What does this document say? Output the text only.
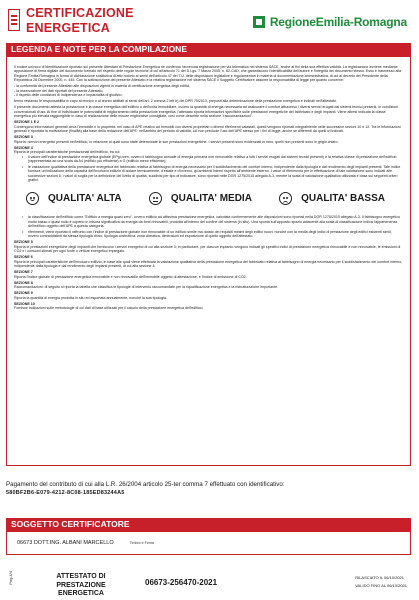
CERTIFICAZIONE
ENERGETICA	RegioneEmilia-Romagna
LEGENDA E NOTE PER LA COMPILAZIONE
Il codice univoco di identificazione riportato sul presente Attestato di Prestazione Energetica ne conferma l'avvenuta registrazione per via telematica nel sistema SACE, anche ai fini della sua effettiva validità. La registrazione avviene mediante apposizione di firma digitale del documento formato nel rispetto delle regole tecniche di cui all'articolo 71 del D.Lgs. 7 Marzo 2005, n. 82-CAD, che garantiscono l'identificabilità dell'autore e l'integrità del documento stesso. Esso è trasmesso alla Regione Emilia-Romagna in forma di dichiarazione sostitutiva di atto notorio ai sensi dell'articolo 47 del T.U. delle disposizioni legislative e regolamentari in materia di documentazione amministrativa, di cui al decreto del Presidente della Repubblica 28 Dicembre 2000, n. 445. Con la sottoscrizione del presente Attestato e la relativa registrazione nel sistema SACE il Soggetto Certificatore assume la responsabilità di legge per quanto concerne:
- la conformità del presente Attestato alle disposizioni vigenti in materia di certificazione energetica degli edifici,
- la osservazione dei dati riportati del presente Attestato,
- il rispetto delle condizioni di indipendenza e imparzialità di giudizio,
fermo restando le responsabilità in capo al tecnico o ai tecnici abilitati ai sensi dell'art. 2 comma 2 lett b) del DPR 75/2013, preposti alla determinazione della prestazione energetica e indicati nell'attestato.
Il presente documento attesta la prestazione e la classe energetica dell'edificio o dell'unità immobiliare, ovvero la quantità di energia necessaria ad assicurare il comfort attraverso i diversi servizi erogati dai sistemi tecnici presenti, in condizioni convenzionali d'uso. Al fine di individuare le potenzialità di miglioramento della prestazione energetica, l'attestato riporta informazioni specifiche sulle prestazioni energetiche del fabbricato e degli impianti. Viene altresì indicata la classe energetica più elevata raggiungibile in caso di realizzazione delle misure migliorative consigliate, così come descritte nella sezione "raccomandazioni".
SEZIONE 1 E 2
Contengono informazioni generali circa l'immobile e lo proprietà: nel caso di APE relativo ad immobili con diversi proprietari o diversi riferimenti catastali, questi vengono riportati integralmente nelle successive sezioni 10 e 12. Tra le informazioni generali è riportata la motivazione (finalità) alla base della redazione dell'APE: nell'ambito del periodo di validità, ciò non preclude l'uso dell'APE stesso per i fini di legge, anche se differenti da quelli ivi indicati.
SEZIONE 3
Riporta i servizi energetici presenti nell'edificio, in relazione ai quali sono state determinate le sue prestazioni energetiche. I servizi presenti sono evidenziati in nero, quelli non presenti sono in grigio chiaro.
SEZIONE 4
Riporta le principali caratteristiche prestazionali dell'edificio, tra cui:
• il valore dell'indice di prestazione energetica globale (EPgl,nren, ovvero il fabbisogno annuale di energia primaria non rinnovabile relativo a tutti i servizi erogati dai sistemi tecnici presenti) e la relativa classe di prestazione dell'edificio (rappresentata ad una scala da A4 (edificio più efficiente) a G (edificio meno efficiente);
• le valutazione qualitativa della prestazione energetica del fabbricato relativa al fabbisogno di energia necessario per il soddisfacimento del comfort interno, indipendente dalla tipologia e dal rendimento degli impianti presenti. Tale indice fornisce un'indicazione della capacità dell'involucro edilizio di isolare termicamente, d'estate e d'inverno, gli ambienti interni rispetto all'ambiente esterno. I valori di riferimento per le effettuazione di tale valutazione sono indicati alle successive sezioni 6; i valori di soglia per la definizione del livello di qualità, suddivisi per tipo di indicatore, sono riportati nelle DGR 1275/2015 allegato A-3, mentre la scala di valutazione qualitativa utilizzata è basa sui seguenti criteri grafici:
QUALITA' ALTA	QUALITA' MEDIA	QUALITA' BASSA
• la classificazione dell'edificio come "Edificio a energia quasi zero", ovvero edificio ad altissima prestazione energetica, calcolata conformemente alle disposizioni sono riportati nella DGR 1275/2015 allegato A-3. Il fabbisogno energetico molto basso o quasi nullo è coperto in misura significativa da energia da fonti rinnovabili, prodotta all'interno del confine del sistema (in situ). Una spunta sull'apposito spazio adiacente alla scala di classificazione indica l'appartenenza dell'edificio oggetto dell'APE a questa categoria.
• riferimenti, viene riportato il raffronto con l'indice di prestazione globale non rinnovabile di un edificio simile ma dotato dei requisiti minimi degli edifici nuovi, nonché con la media degli indici di prestazione degli edifici esistenti simili, ovvero contraddistinti da stessa tipologia d'uso, tipologia costruttiva, zona climatica, dimensioni ed esposizione di quello oggetto dell'attestato.
SEZIONE 5
Riporta le prestazioni energetiche degli impianti che forniscono i servizi energetici di cui alla sezione 3; in particolare, per ciascun impianto vengono indicati gli specifici indici di prestazione energetica rinnovabile e non rinnovabile, le emissioni di CO2 e i consumi stimati per ogni fonte o vettore energetico impiegato.
SEZIONE 6
Riporta le principali caratteristiche dell'involucro edilizio, in base alle quali viene effettuata la valutazione qualitativa della prestazione energetica del fabbricato relativa al fabbisogno di energia necessario per il soddisfacimento del comfort interno, indipendente dalla tipologia e dal rendimento degli impianti presenti, di cui alla sezione 4.
SEZIONE 7
Riporta l'indice globale di prestazione energetica rinnovabile e non rinnovabile dell'immobile oggetto di attestazione, e l'indice di emissione di CO2.
SEZIONE 8
Raccomandazioni: di seguito si riporta la tabella che classifica le tipologie di intervento raccomandate per la riqualificazione energetica e la ristrutturazione importante.
SEZIONE 9
Riporta la quantità di energia prodotta in situ ed esportata annualmente, nonché la sua tipologia.
SEZIONE 10
Fornisce indicazioni sulle metodologie di cui dati di base utilizzati per il calcolo della prestazione energetica dell'edificio.
Pagamento del contributo di cui alla L.R. 26/2004 articolo 25-ter comma 7 effettuato con identificativo:
580BF2B6-E079-4212-8C08-185ED83244A5
SOGGETTO CERTIFICATORE
06673 DOTT.ING. ALBANI MARCELLO	Timbro e Firma
Pag.4/4	ATTESTATO DI
PRESTAZIONE ENERGETICA
06673-256470-2021
RILASCIATO IL 06/10/2021
VALIDO FINO AL 06/10/2031
